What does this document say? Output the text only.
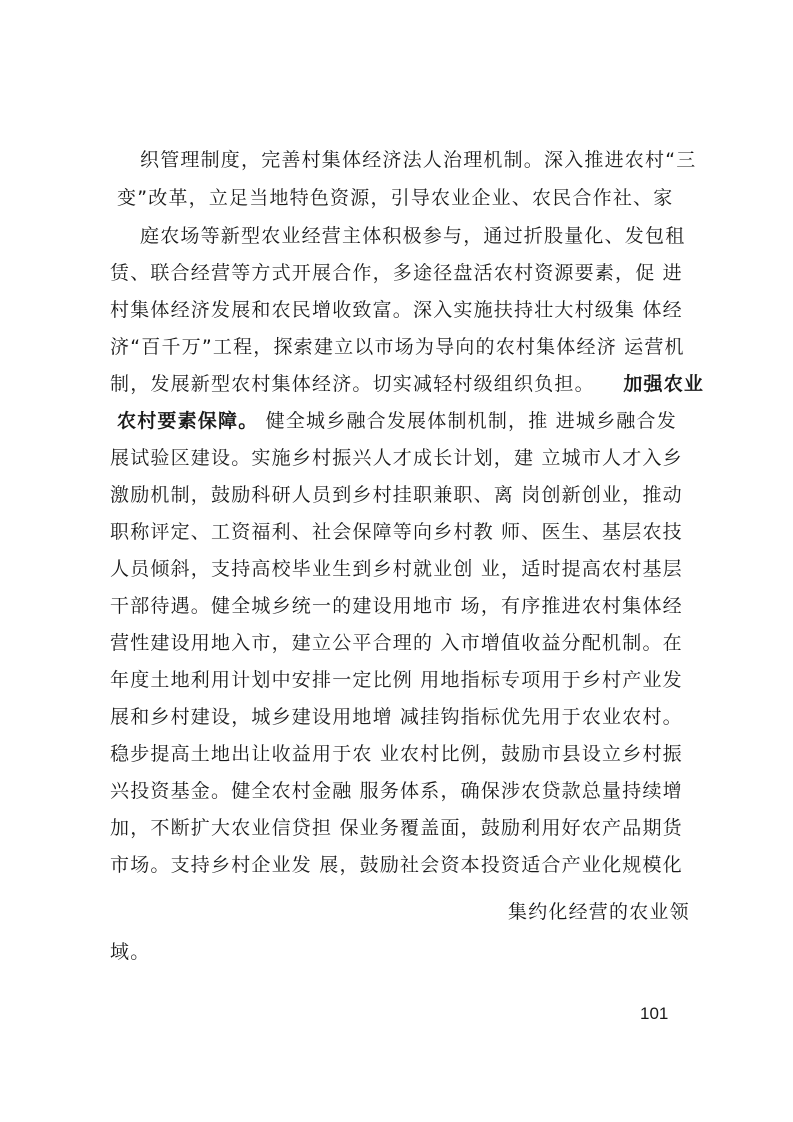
织管理制度，完善村集体经济法人治理机制。深入推进农村“三
变”改革，立足当地特色资源，引导农业企业、农民合作社、家
庭农场等新型农业经营主体积极参与，通过折股量化、发包租
赁、联合经营等方式开展合作，多途径盘活农村资源要素，促 进
村集体经济发展和农民增收致富。深入实施扶持壮大村级集 体经
济“百千万”工程，探索建立以市场为导向的农村集体经济 运营机
制，发展新型农村集体经济。切实减轻村级组织负担。 加强农业
农村要素保障。 健全城乡融合发展体制机制，推 进城乡融合发
展试验区建设。实施乡村振兴人才成长计划，建 立城市人才入乡
激励机制，鼓励科研人员到乡村挂职兼职、离 岗创新创业，推动
职称评定、工资福利、社会保障等向乡村教 师、医生、基层农技
人员倾斜，支持高校毕业生到乡村就业创 业，适时提高农村基层
干部待遇。健全城乡统一的建设用地市 场，有序推进农村集体经
营性建设用地入市，建立公平合理的 入市增值收益分配机制。在
年度土地利用计划中安排一定比例 用地指标专项用于乡村产业发
展和乡村建设，城乡建设用地增 减挂钩指标优先用于农业农村。
稳步提高土地出让收益用于农 业农村比例，鼓励市县设立乡村振
兴投资基金。健全农村金融 服务体系，确保涉农贷款总量持续增
加，不断扩大农业信贷担 保业务覆盖面，鼓励利用好农产品期货
市场。支持乡村企业发 展，鼓励社会资本投资适合产业化规模化
集约化经营的农业领
域。
101
